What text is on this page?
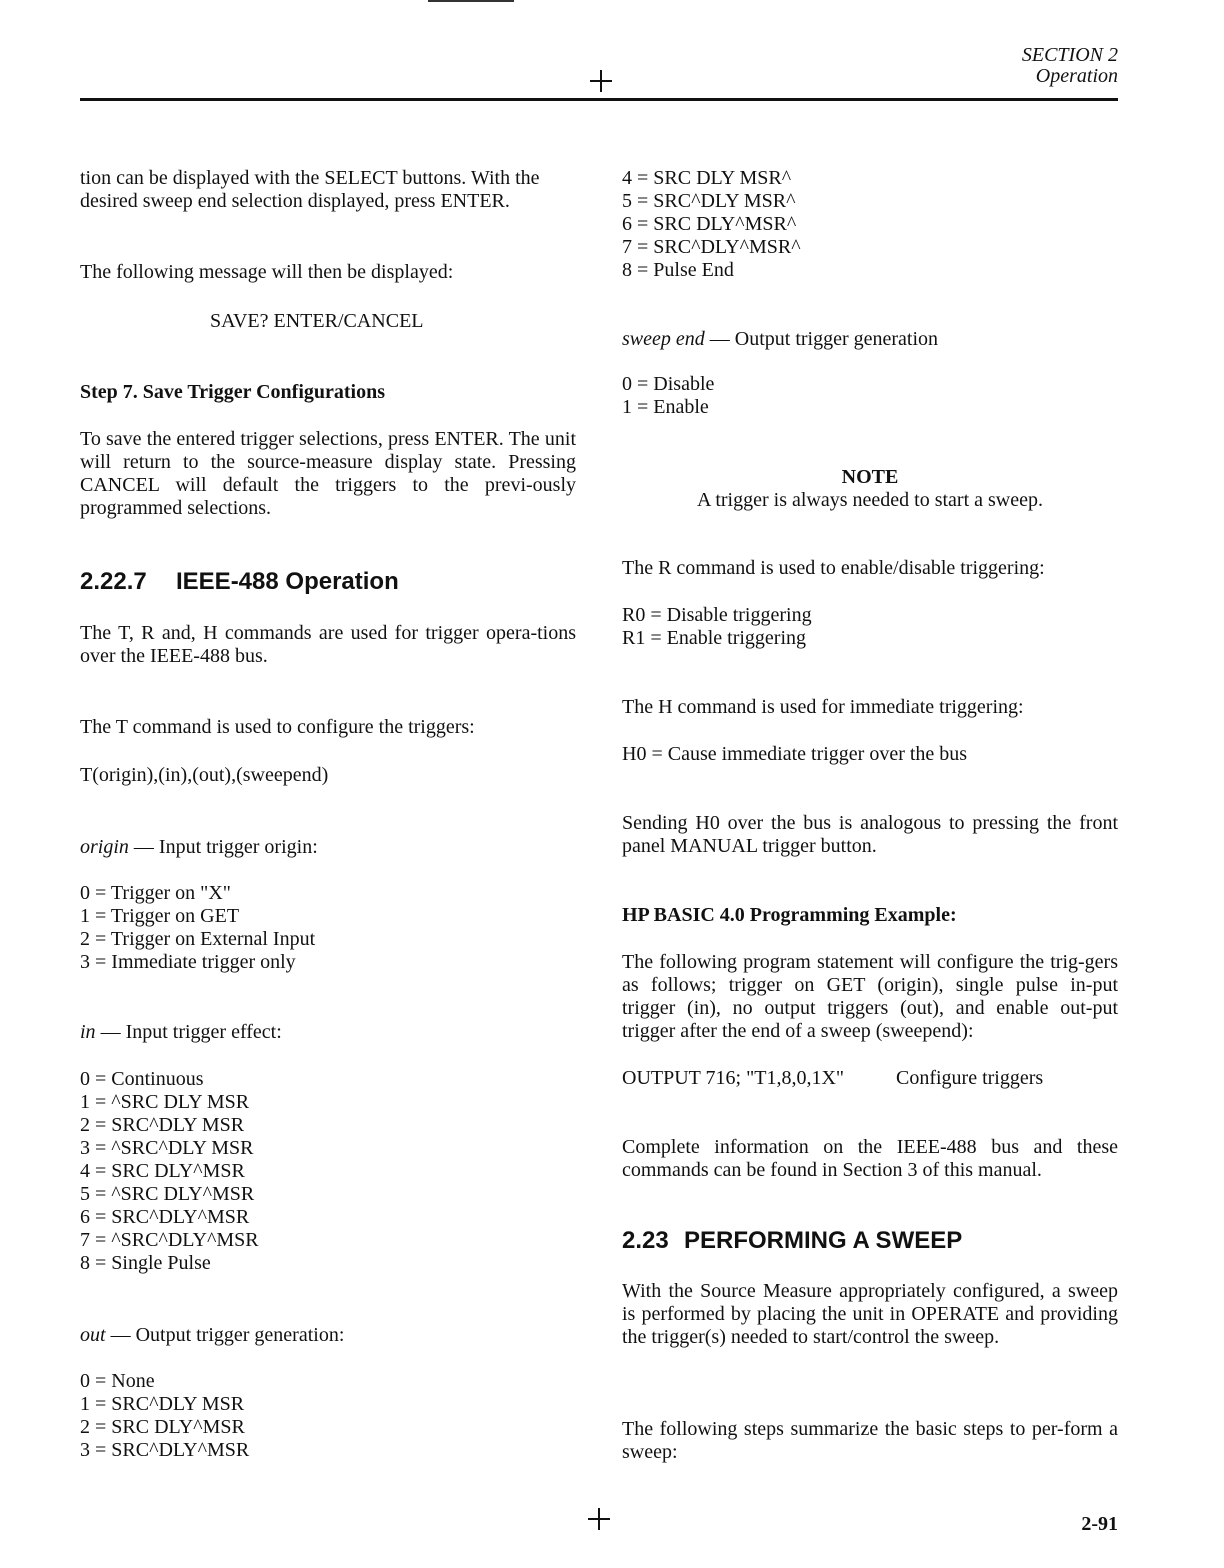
SECTION 2
Operation
tion can be displayed with the SELECT buttons. With the
desired sweep end selection displayed, press ENTER.
The following message will then be displayed:
SAVE? ENTER/CANCEL
Step 7. Save Trigger Configurations
To save the entered trigger selections, press ENTER. The unit will return to the source-measure display state. Pressing CANCEL will default the triggers to the previ-ously programmed selections.
2.22.7 IEEE-488 Operation
The T, R and, H commands are used for trigger opera-tions over the IEEE-488 bus.
The T command is used to configure the triggers:
T(origin),(in),(out),(sweepend)
origin — Input trigger origin:
0 = Trigger on "X"
1 = Trigger on GET
2 = Trigger on External Input
3 = Immediate trigger only
in — Input trigger effect:
0 = Continuous
1 = ^SRC DLY MSR
2 = SRC^DLY MSR
3 = ^SRC^DLY MSR
4 = SRC DLY^MSR
5 = ^SRC DLY^MSR
6 = SRC^DLY^MSR
7 = ^SRC^DLY^MSR
8 = Single Pulse
out — Output trigger generation:
0 = None
1 = SRC^DLY MSR
2 = SRC DLY^MSR
3 = SRC^DLY^MSR
4 = SRC DLY MSR^
5 = SRC^DLY MSR^
6 = SRC DLY^MSR^
7 = SRC^DLY^MSR^
8 = Pulse End
sweep end — Output trigger generation
0 = Disable
1 = Enable
NOTE
A trigger is always needed to start a sweep.
The R command is used to enable/disable triggering:
R0 = Disable triggering
R1 = Enable triggering
The H command is used for immediate triggering:
H0 = Cause immediate trigger over the bus
Sending H0 over the bus is analogous to pressing the front panel MANUAL trigger button.
HP BASIC 4.0 Programming Example:
The following program statement will configure the trig-gers as follows; trigger on GET (origin), single pulse in-put trigger (in), no output triggers (out), and enable out-put trigger after the end of a sweep (sweepend):
OUTPUT 716; "T1,8,0,1X"	Configure triggers
Complete information on the IEEE-488 bus and these commands can be found in Section 3 of this manual.
2.23 PERFORMING A SWEEP
With the Source Measure appropriately configured, a sweep is performed by placing the unit in OPERATE and providing the trigger(s) needed to start/control the sweep.
The following steps summarize the basic steps to per-form a sweep:
2-91
